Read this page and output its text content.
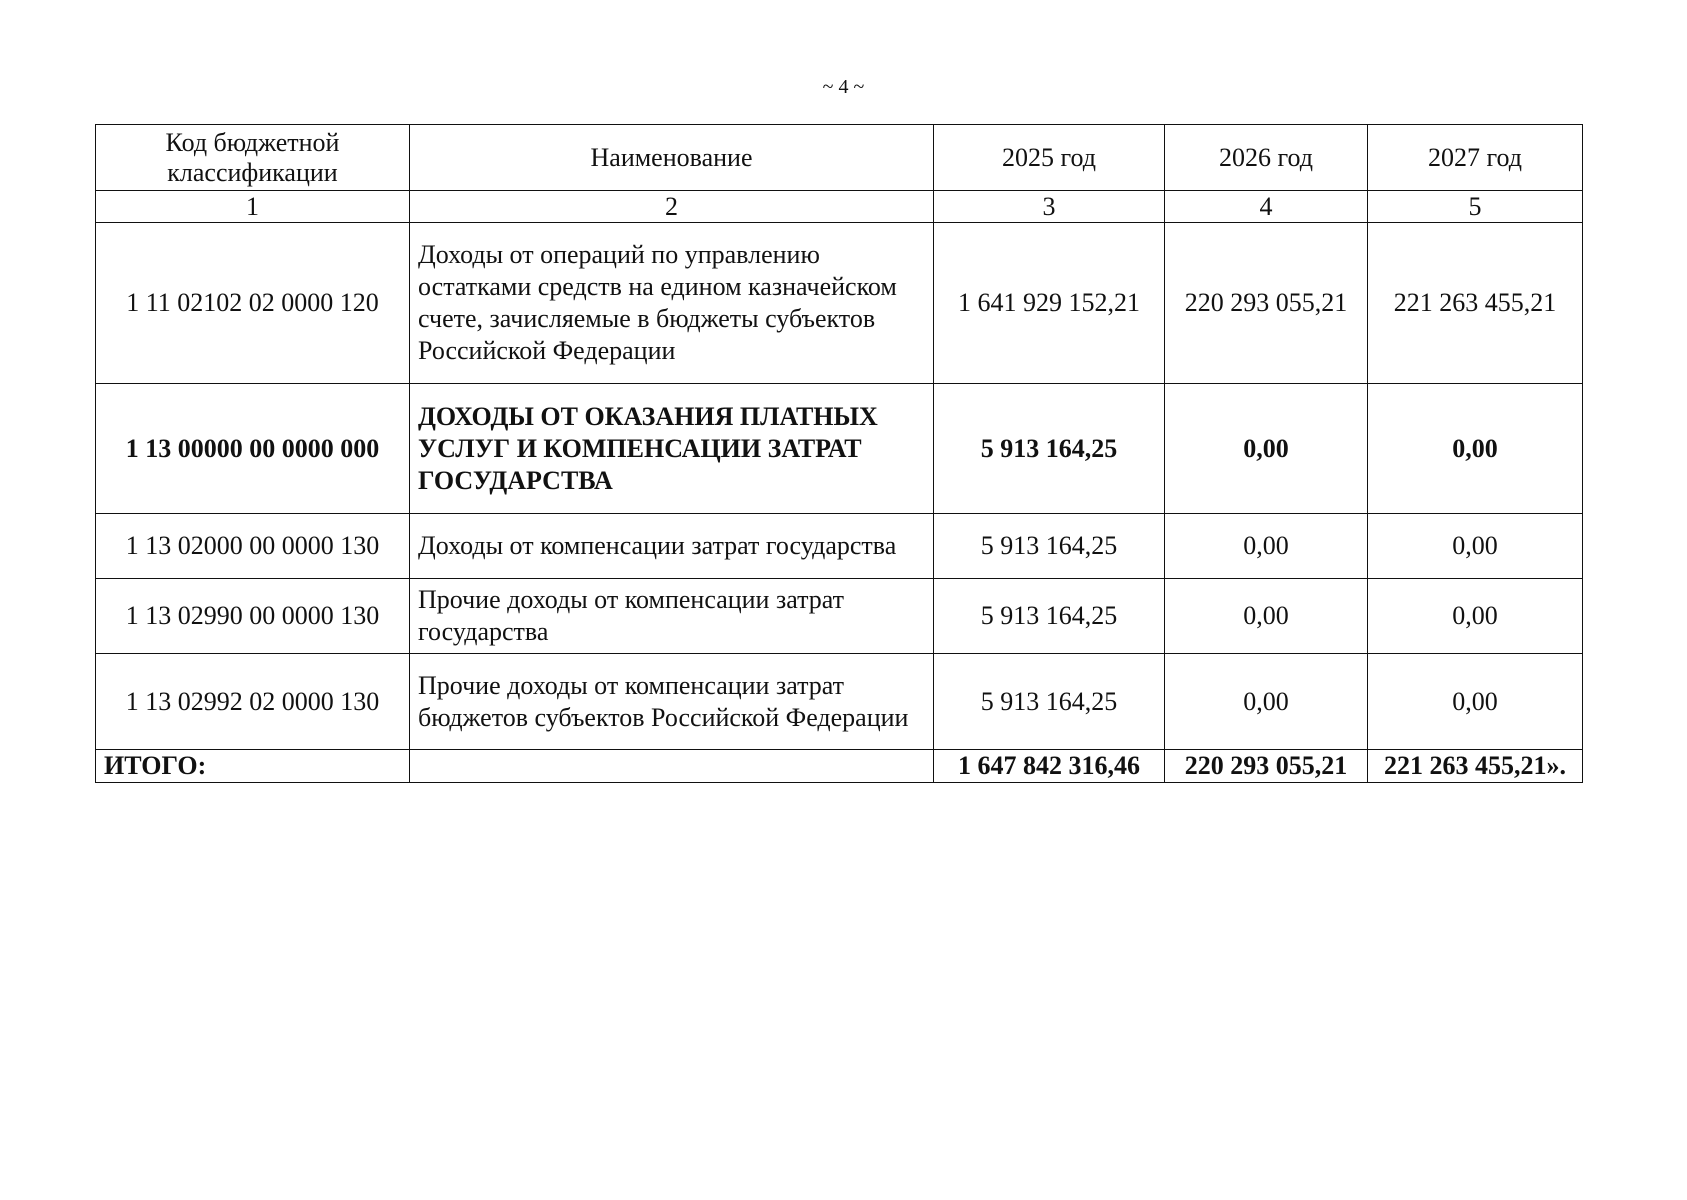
~ 4 ~
Код бюджетной классификации	Наименование	2025 год	2026 год	2027 год
1	2	3	4	5
1 11 02102 02 0000 120	Доходы от операций по управлению остатками средств на едином казначейском счете, зачисляемые в бюджеты субъектов Российской Федерации	1 641 929 152,21	220 293 055,21	221 263 455,21
1 13 00000 00 0000 000	ДОХОДЫ ОТ ОКАЗАНИЯ ПЛАТНЫХ УСЛУГ И КОМПЕНСАЦИИ ЗАТРАТ ГОСУДАРСТВА	5 913 164,25	0,00	0,00
1 13 02000 00 0000 130	Доходы от компенсации затрат государства	5 913 164,25	0,00	0,00
1 13 02990 00 0000 130	Прочие доходы от компенсации затрат государства	5 913 164,25	0,00	0,00
1 13 02992 02 0000 130	Прочие доходы от компенсации затрат бюджетов субъектов Российской Федерации	5 913 164,25	0,00	0,00
ИТОГО:		1 647 842 316,46	220 293 055,21	221 263 455,21».
